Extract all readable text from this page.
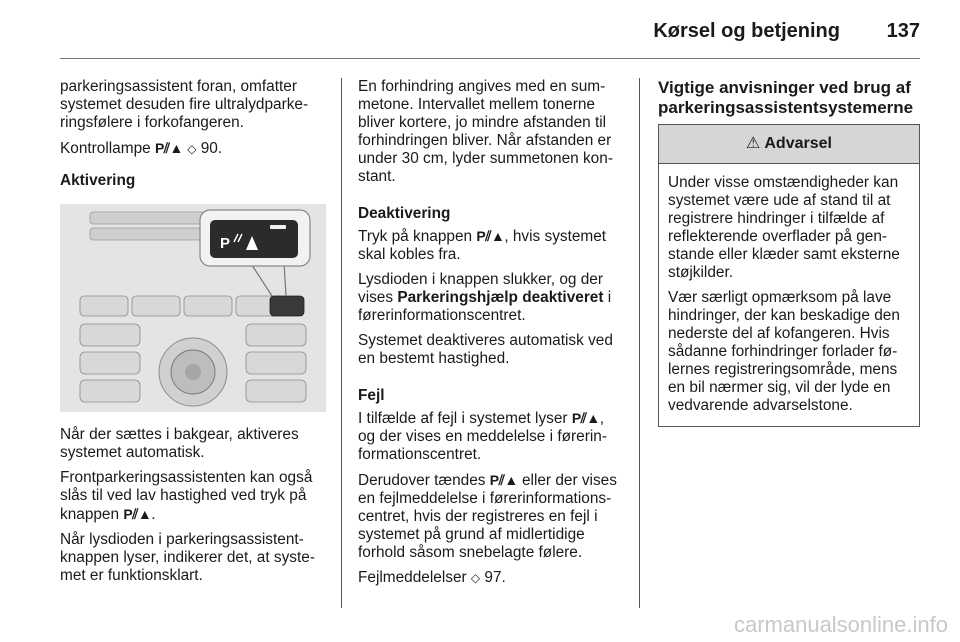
Kørsel og betjening 137

parkeringsassistent foran, omfatter systemet desuden fire ultralydparkeringsfølere i forkofangeren.

Kontrollampe P⫽▲ ◇ 90.

Aktivering
P

Når der sættes i bakgear, aktiveres systemet automatisk.

Frontparkeringsassistenten kan også slås til ved lav hastighed ved tryk på knappen P⫽▲.

Når lysdioden i parkeringsassistentknappen lyser, indikerer det, at systemet er funktionsklart.

En forhindring angives med en summetone. Intervallet mellem tonerne bliver kortere, jo mindre afstanden til forhindringen bliver. Når afstanden er under 30 cm, lyder summetonen konstant.

Deaktivering

Tryk på knappen P⫽▲, hvis systemet skal kobles fra.

Lysdioden i knappen slukker, og der vises Parkeringshjælp deaktiveret i førerinformationscentret.

Systemet deaktiveres automatisk ved en bestemt hastighed.

Fejl

I tilfælde af fejl i systemet lyser P⫽▲, og der vises en meddelelse i førerinformationscentret.

Derudover tændes P⫽▲ eller der vises en fejlmeddelelse i førerinformationscentret, hvis der registreres en fejl i systemet på grund af midlertidige forhold såsom snebelagte følere.

Fejlmeddelelser ◇ 97.

Vigtige anvisninger ved brug af parkeringsassistentsystemerne
⚠ Advarsel

Under visse omstændigheder kan systemet være ude af stand til at registrere hindringer i tilfælde af reflekterende overflader på genstande eller klæder samt eksterne støjkilder.

Vær særligt opmærksom på lave hindringer, der kan beskadige den nederste del af kofangeren. Hvis sådanne forhindringer forlader følernes registreringsområde, mens en bil nærmer sig, vil der lyde en vedvarende advarselstone.

carmanualsonline.info
